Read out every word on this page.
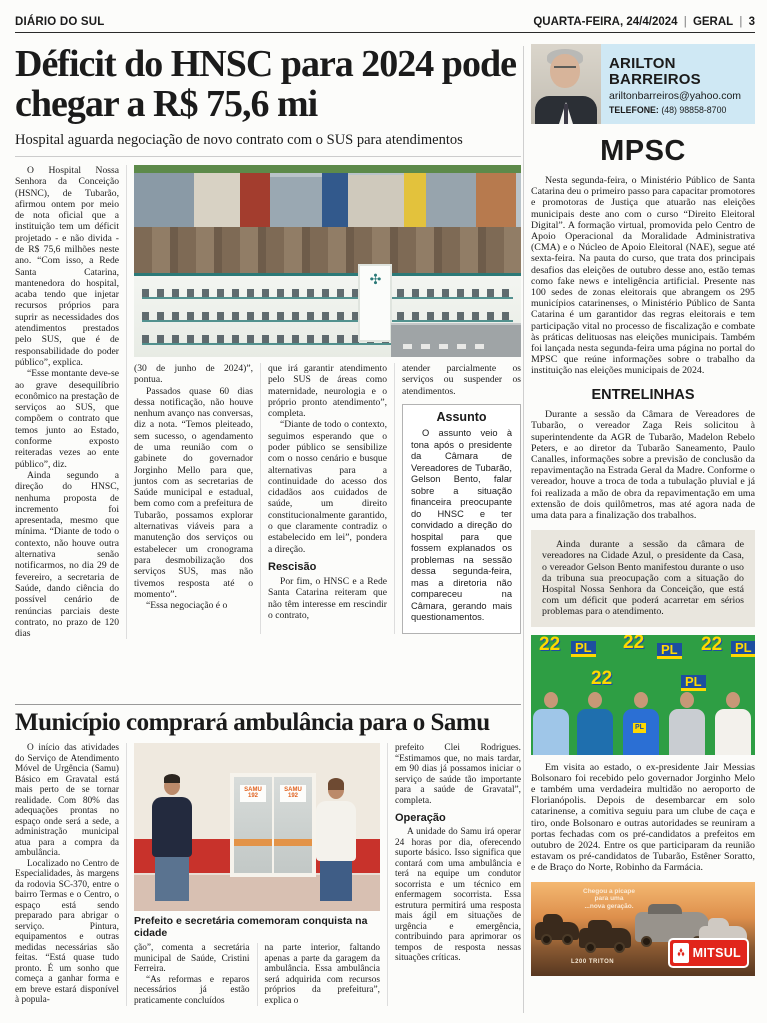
DIÁRIO DO SUL	QUARTA-FEIRA, 24/4/2024 | GERAL | 3
Déficit do HNSC para 2024 pode chegar a R$ 75,6 mi
Hospital aguarda negociação de novo contrato com o SUS para atendimentos

O Hospital Nossa Senhora da Conceição (HSNC), de Tubarão, afirmou ontem por meio de nota oficial que a instituição tem um déficit projetado - e não divida - de R$ 75,6 milhões neste ano. “Com isso, a Rede Santa Catarina, mantenedora do hospital, acaba tendo que injetar recursos próprios para suprir as necessidades dos atendimentos prestados pelo SUS, que é de responsabilidade do poder público”, explica.

“Esse montante deve-se ao grave desequilíbrio econômico na prestação de serviços ao SUS, que compõem o contrato que temos junto ao Estado, conforme exposto reiteradas vezes ao ente público”, diz.

Ainda segundo a direção do HNSC, nenhuma proposta de incremento foi apresentada, mesmo que mínima. “Diante de todo o contexto, não houve outra alternativa senão notificarmos, no dia 29 de fevereiro, a secretaria de Saúde, dando ciência do possível cenário de renúncias parciais deste contrato, no prazo de 120 dias

✣

(30 de junho de 2024)”, pontua.

Passados quase 60 dias dessa notificação, não houve nenhum avanço nas conversas, diz a nota. “Temos pleiteado, sem sucesso, o agendamento de uma reunião com o gabinete do governador Jorginho Mello para que, juntos com as secretarias de Saúde municipal e estadual, bem como com a prefeitura de Tubarão, possamos explorar alternativas viáveis para a manutenção dos serviços ou estabelecer um cronograma para desmobilização dos serviços SUS, mas não tivemos resposta até o momento”.

“Essa negociação é o

que irá garantir atendimento pelo SUS de áreas como maternidade, neurologia e o próprio pronto atendimento”, completa.

“Diante de todo o contexto, seguimos esperando que o poder público se sensibilize com o nosso cenário e busque alternativas para a continuidade do acesso dos cidadãos aos cuidados de saúde, um direito constitucionalmente garantido, o que claramente contradiz o estabelecido em lei”, pondera a direção.

Rescisão

Por fim, o HNSC e a Rede Santa Catarina reiteram que não têm interesse em rescindir o contrato,

atender parcialmente os serviços ou suspender os atendimentos.

Assunto

O assunto veio à tona após o presidente da Câmara de Vereadores de Tubarão, Gelson Bento, falar sobre a situação financeira preocupante do HNSC e ter convidado a direção do hospital para que fossem explanados os problemas na sessão dessa segunda-feira, mas a diretoria não compareceu na Câmara, gerando mais questionamentos.

Município comprará ambulância para o Samu

O início das atividades do Serviço de Atendimento Móvel de Urgência (Samu) Básico em Gravatal está mais perto de se tornar realidade. Com 80% das adequações prontas no espaço onde será a sede, a administração municipal atua para a compra da ambulância.

Localizado no Centro de Especialidades, às margens da rodovia SC-370, entre o bairro Termas e o Centro, o espaço está sendo preparado para abrigar o serviço. Pintura, equipamentos e outras medidas necessárias são feitas. “Está quase tudo pronto. É um sonho que começa a ganhar forma e em breve estará disponível à popula-

SAMU 192
SAMU 192
Prefeito e secretária comemoram conquista na cidade

ção”, comenta a secretária municipal de Saúde, Cristini Ferreira.

“As reformas e reparos necessários já estão praticamente concluídos

na parte interior, faltando apenas a parte da garagem da ambulância. Essa ambulância será adquirida com recursos próprios da prefeitura”, explica o

prefeito Clei Rodrigues. “Estimamos que, no mais tardar, em 90 dias já possamos iniciar o serviço de saúde tão importante para a saúde de Gravatal”, completa.

Operação

A unidade do Samu irá operar 24 horas por dia, oferecendo suporte básico. Isso significa que contará com uma ambulância e terá na equipe um condutor socorrista e um técnico em enfermagem socorrista. Essa estrutura permitirá uma resposta mais ágil em situações de urgência e emergência, contribuindo para aprimorar os tempos de resposta nessas situações críticas.

ARILTON BARREIROS
ariltonbarreiros@yahoo.com
TELEFONE: (48) 98858-8700
MPSC

Nesta segunda-feira, o Ministério Público de Santa Catarina deu o primeiro passo para capacitar promotores e promotoras de Justiça que atuarão nas eleições municipais deste ano com o curso “Direito Eleitoral Digital”. A formação virtual, promovida pelo Centro de Apoio Operacional da Moralidade Administrativa (CMA) e o Núcleo de Apoio Eleitoral (NAE), segue até sexta-feira. Na pauta do curso, que trata dos principais desafios das eleições de outubro desse ano, estão temas como fake news e inteligência artificial. Presente nas 100 sedes de zonas eleitorais que abrangem os 295 municípios catarinenses, o Ministério Público de Santa Catarina é um garantidor das regras eleitorais e tem participação vital no processo de fiscalização e combate às práticas delituosas nas eleições municipais. Também foi lançada nesta segunda-feira uma página no portal do MPSC que reúne informações sobre o trabalho da instituição nas eleições municipais de 2024.

ENTRELINHAS

Durante a sessão da Câmara de Vereadores de Tubarão, o vereador Zaga Reis solicitou à superintendente da AGR de Tubarão, Madelon Rebelo Peters, e ao diretor da Tubarão Saneamento, Paulo Canalles, informações sobre a previsão de conclusão da repavimentação na Estrada Geral da Madre. Conforme o vereador, houve a troca de toda a tubulação pluvial e já foi realizada a mão de obra da repavimentação em uma extensão de dois quilômetros, mas até agora nada de uma data para a finalização dos trabalhos.

Ainda durante a sessão da câmara de vereadores na Cidade Azul, o presidente da Casa, o vereador Gelson Bento manifestou durante o uso da tribuna sua preocupação com a situação do Hospital Nossa Senhora da Conceição, que está com um déficit que poderá acarretar em sérios problemas para o atendimento.

22	PL 22	PL 22 PL
22	PL
PL

Em visita ao estado, o ex-presidente Jair Messias Bolsonaro foi recebido pelo governador Jorginho Melo e também uma verdadeira multidão no aeroporto de Florianópolis. Depois de desembarcar em solo catarinense, a comitiva seguiu para um clube de caça e tiro, onde Bolsonaro e outras autoridades se reuniram a portas fechadas com os pré-candidatos a prefeitos em outubro de 2024. Entre os que participaram da reunião estavam os pré-candidatos de Tubarão, Estêner Soratto, e de Braço do Norte, Robinho da Farmácia.

Chegou a picape
para uma
...nova geração.
L200 TRITON
MITSUL
